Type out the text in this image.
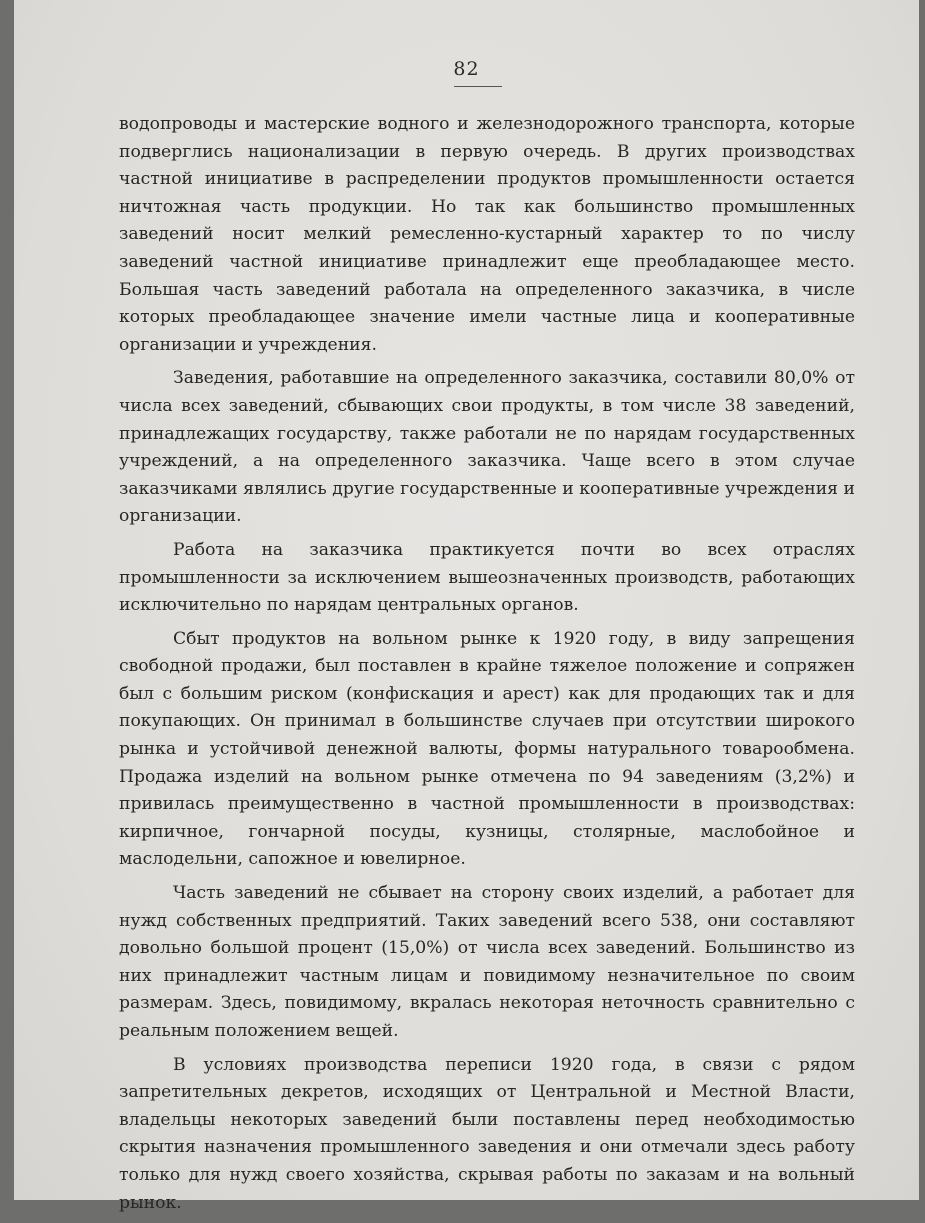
82

водопроводы и мастерские водного и железнодорожного транспорта, которые подверглись национализации в первую очередь. В других производствах частной инициативе в распределении продуктов промышленности остается ничтожная часть продукции. Но так как большинство промышленных заведений носит мелкий ремесленно-кустарный характер то по числу заведений частной инициативе принадлежит еще преобладающее место. Большая часть заведений работала на определенного заказчика, в числе которых преобладающее значение имели частные лица и кооперативные организации и учреждения.

Заведения, работавшие на определенного заказчика, составили 80,0% от числа всех заведений, сбывающих свои продукты, в том числе 38 заведений, принадлежащих государству, также работали не по нарядам государственных учреждений, а на определенного заказчика. Чаще всего в этом случае заказчиками являлись другие государственные и кооперативные учреждения и организации.

Работа на заказчика практикуется почти во всех отраслях промышленности за исключением вышеозначенных производств, работающих исключительно по нарядам центральных органов.

Сбыт продуктов на вольном рынке к 1920 году, в виду запрещения свободной продажи, был поставлен в крайне тяжелое положение и сопряжен был с большим риском (конфискация и арест) как для продающих так и для покупающих. Он принимал в большинстве случаев при отсутствии широкого рынка и устойчивой денежной валюты, формы натурального товарообмена. Продажа изделий на вольном рынке отмечена по 94 заведениям (3,2%) и привилась преимущественно в частной промышленности в производствах: кирпичное, гончарной посуды, кузницы, столярные, маслобойное и маслодельни, сапожное и ювелирное.

Часть заведений не сбывает на сторону своих изделий, а работает для нужд собственных предприятий. Таких заведений всего 538, они составляют довольно большой процент (15,0%) от числа всех заведений. Большинство из них принадлежит частным лицам и повидимому незначительное по своим размерам. Здесь, повидимому, вкралась некоторая неточность сравнительно с реальным положением вещей.

В условиях производства переписи 1920 года, в связи с рядом запретительных декретов, исходящих от Центральной и Местной Власти, владельцы некоторых заведений были поставлены перед необходимостью скрытия назначения промышленного заведения и они отмечали здесь работу только для нужд своего хозяйства, скрывая работы по заказам и на вольный рынок.
